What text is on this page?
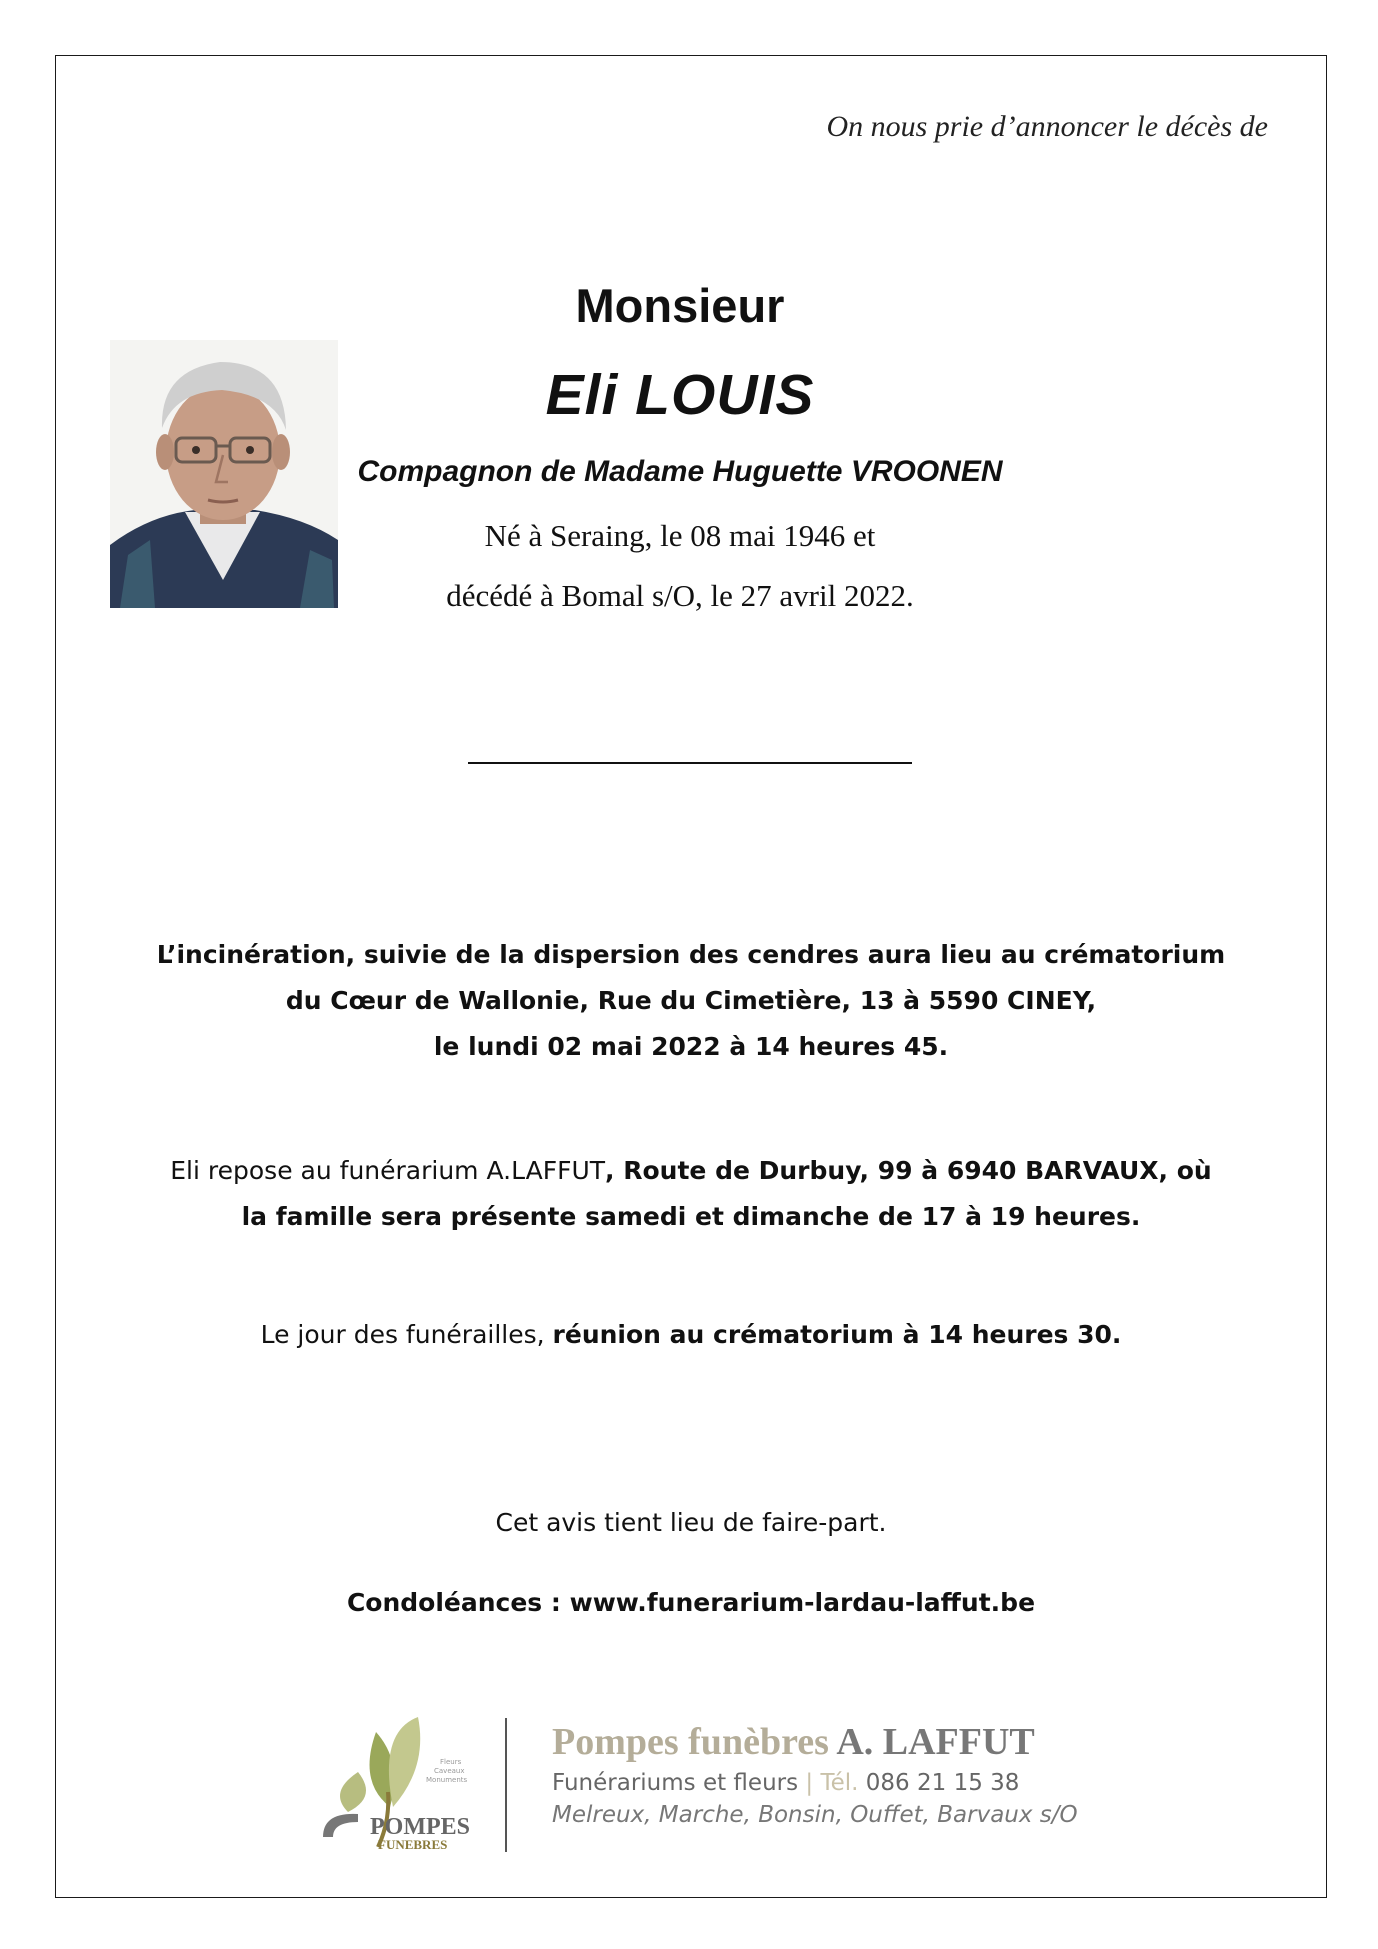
On nous prie d’annoncer le décès de
Monsieur
Eli LOUIS
Compagnon de Madame Huguette VROONEN
Né à Seraing, le 08 mai 1946 et
décédé à Bomal s/O, le 27 avril 2022.
L’incinération, suivie de la dispersion des cendres aura lieu au crématorium
du Cœur de Wallonie, Rue du Cimetière, 13 à 5590 CINEY,
le lundi 02 mai 2022 à 14 heures 45.
Eli repose au funérarium A.LAFFUT, Route de Durbuy, 99 à 6940 BARVAUX, où
la famille sera présente samedi et dimanche de 17 à 19 heures.
Le jour des funérailles, réunion au crématorium à 14 heures 30.
Cet avis tient lieu de faire-part.
Condoléances : www.funerarium-lardau-laffut.be
Fleurs
Caveaux
Monuments
POMPES
FUNEBRES
Pompes funèbres A. LAFFUT
Funérariums et fleurs | Tél. 086 21 15 38
Melreux, Marche, Bonsin, Ouffet, Barvaux s/O
